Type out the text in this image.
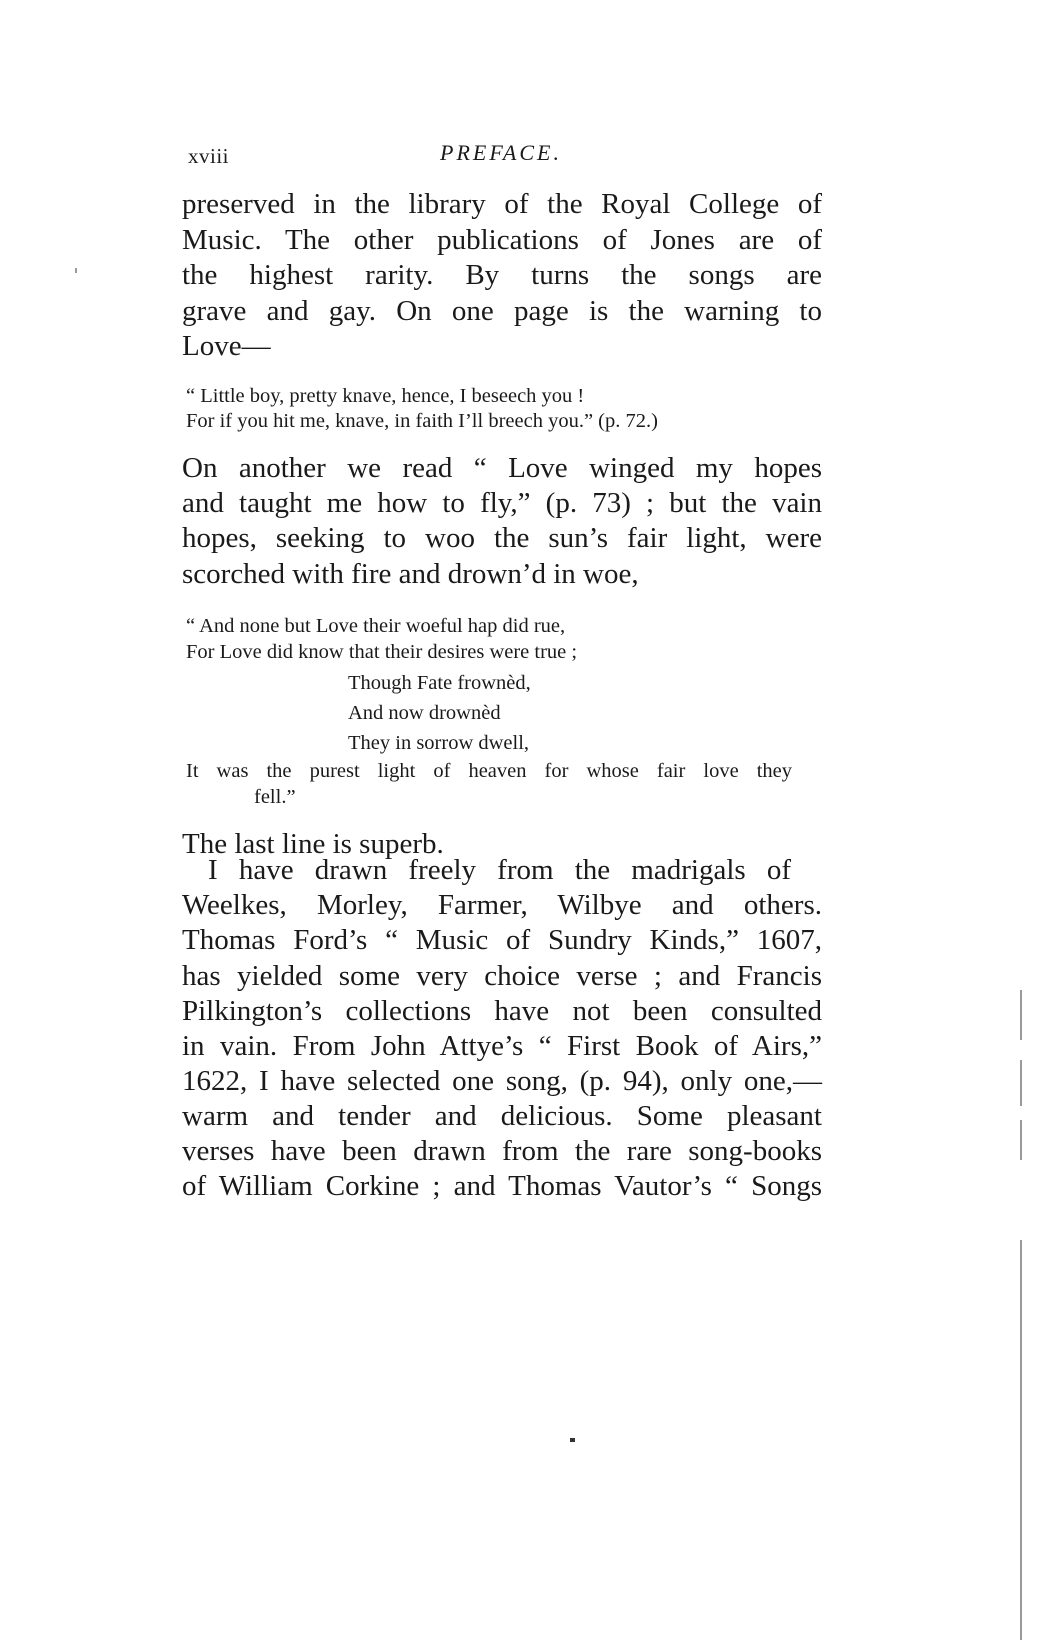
xviii	PREFACE.
preserved in the library of the Royal College of
Music. The other publications of Jones are of
the highest rarity. By turns the songs are
grave and gay. On one page is the warning to
Love—
“ Little boy, pretty knave, hence, I beseech you !
For if you hit me, knave, in faith I’ll breech you.” (p. 72.)
On another we read “ Love winged my hopes
and taught me how to fly,” (p. 73) ; but the vain
hopes, seeking to woo the sun’s fair light, were
scorched with fire and drown’d in woe,
“ And none but Love their woeful hap did rue,
For Love did know that their desires were true ;
Though Fate frownèd,
And now drownèd
They in sorrow dwell,
It was the purest light of heaven for whose fair love they
fell.”
The last line is superb.
I have drawn freely from the madrigals of
Weelkes, Morley, Farmer, Wilbye and others.
Thomas Ford’s “ Music of Sundry Kinds,” 1607,
has yielded some very choice verse ; and Francis
Pilkington’s collections have not been consulted
in vain. From John Attye’s “ First Book of Airs,”
1622, I have selected one song, (p. 94), only one,—
warm and tender and delicious. Some pleasant
verses have been drawn from the rare song-books
of William Corkine ; and Thomas Vautor’s “ Songs
